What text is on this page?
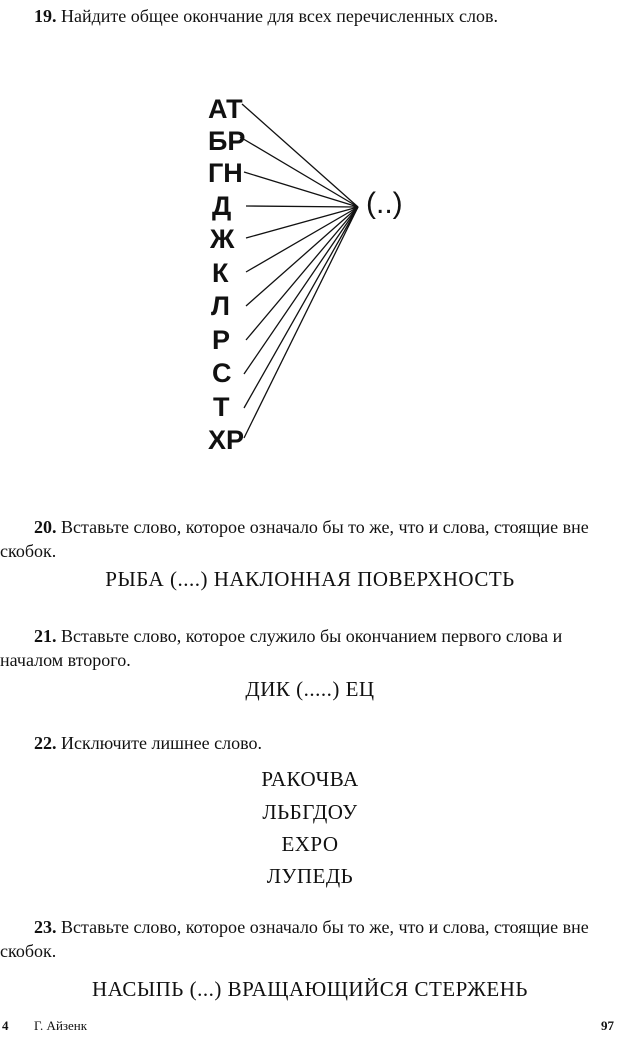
19. Найдите общее окончание для всех перечисленных слов.
АТ
БР
ГН
Д
Ж
К
Л
Р
С
Т
ХР
(..)
20. Вставьте слово, которое означало бы то же, что и слова, стоящие вне скобок.
РЫБА (....) НАКЛОННАЯ ПОВЕРХНОСТЬ
21. Вставьте слово, которое служило бы окончанием первого слова и началом второго.
ДИК (.....) ЕЦ
22. Исключите лишнее слово.
РАКОЧВА
ЛЬБГДОУ
ЕХРО
ЛУПЕДЬ
23. Вставьте слово, которое означало бы то же, что и слова, стоящие вне скобок.
НАСЫПЬ (...) ВРАЩАЮЩИЙСЯ СТЕРЖЕНЬ
4 Г. Айзенк	97
